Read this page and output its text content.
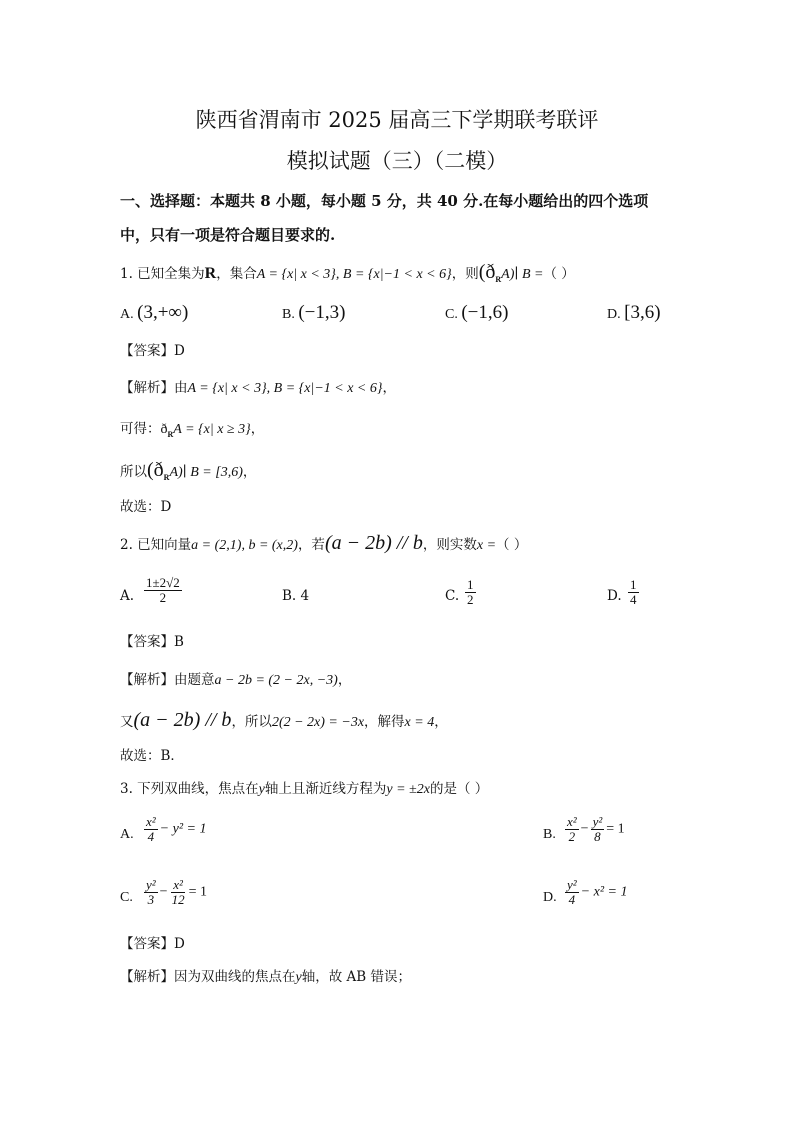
陕西省渭南市 2025 届高三下学期联考联评
模拟试题（三）（二模）
一、选择题：本题共 8 小题，每小题 5 分，共 40 分.在每小题给出的四个选项
中，只有一项是符合题目要求的.
1. 已知全集为R，集合A = {x| x < 3}, B = {x|−1 < x < 6}，则$(ð_RA)∣$ B =（ ）
A. (3,+∞)	B. (−1,3)	C. (−1,6)	D. [3,6)
【答案】D
【解析】由A = {x| x < 3}, B = {x|−1 < x < 6}，
可得：$ð_RA = \{x|$ x ≥ 3}，
所以$(ð_RA)∣$ B = [3,6)，
故选：D
2. 已知向量a = (2,1), b = (x,2)，若(a − 2b) // b，则实数x =（ ）
A. $\frac{1\pm 2√2}{2}$	B. 4	C. $\frac{1}{2}$	D. $\frac{1}{4}$
【答案】B
【解析】由题意a − 2b = (2 − 2x, −3)，
又(a − 2b) // b，所以2(2 − 2x) = −3x，解得x = 4，
故选：B．
3. 下列双曲线，焦点在y轴上且渐近线方程为y = ±2x的是（ ）
A. $\frac{\text{x²}}{4} - y^2 = 1$	B. $\frac{\text{x²}}{2} - \frac{\text{y²}}{8} = 1$
C. $\frac{\text{y²}}{3} - \frac{\text{x²}}{12} = 1$	D. $\frac{\text{y²}}{4} - x^2 = 1$
【答案】D
【解析】因为双曲线的焦点在y轴，故 AB 错误；
